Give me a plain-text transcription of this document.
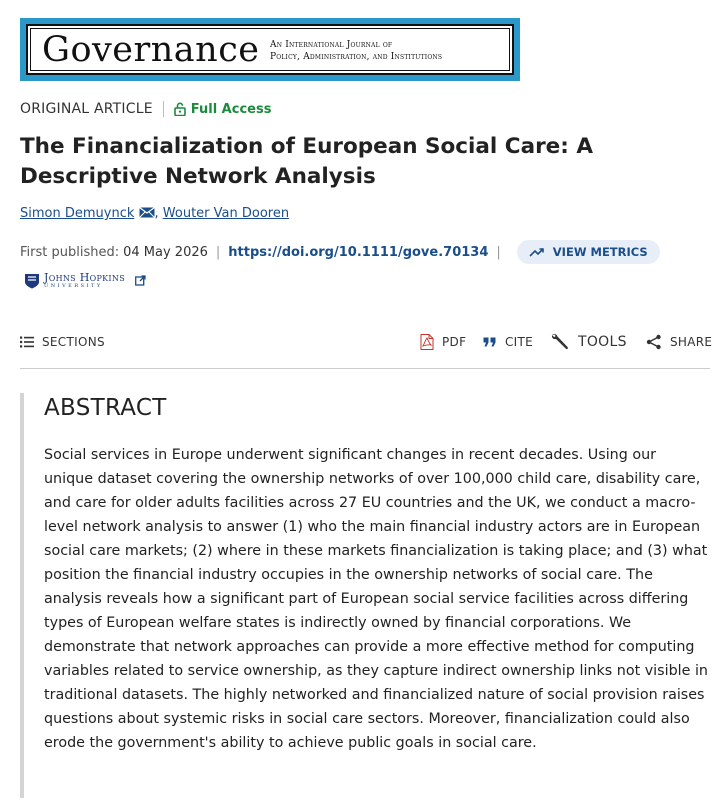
Governance An International Journal of
Policy, Administration, and Institutions
ORIGINAL ARTICLE	Full Access
The Financialization of European Social Care: A Descriptive Network Analysis
Simon Demuynck , Wouter Van Dooren
First published: 04 May 2026 | https://doi.org/10.1111/gove.70134 |	VIEW METRICS
Johns Hopkins
UNIVERSITY
SECTIONS	PDF	CITE	TOOLS	SHARE
ABSTRACT

Social services in Europe underwent significant changes in recent decades. Using our unique dataset covering the ownership networks of over 100,000 child care, disability care, and care for older adults facilities across 27 EU countries and the UK, we conduct a macro-level network analysis to answer (1) who the main financial industry actors are in European social care markets; (2) where in these markets financialization is taking place; and (3) what position the financial industry occupies in the ownership networks of social care. The analysis reveals how a significant part of European social service facilities across differing types of European welfare states is indirectly owned by financial corporations. We demonstrate that network approaches can provide a more effective method for computing variables related to service ownership, as they capture indirect ownership links not visible in traditional datasets. The highly networked and financialized nature of social provision raises questions about systemic risks in social care sectors. Moreover, financialization could also erode the government's ability to achieve public goals in social care.
